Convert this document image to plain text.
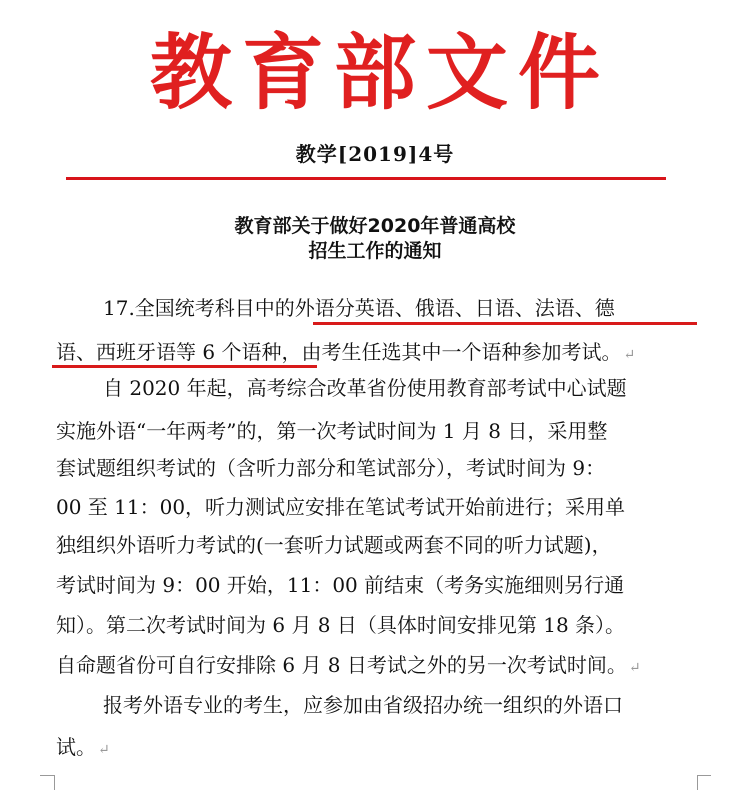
教育部文件
教学[2019]4号
教育部关于做好2020年普通高校
招生工作的通知
17.全国统考科目中的外语分英语、俄语、日语、法语、德
语、西班牙语等 6 个语种，由考生任选其中一个语种参加考试。 ↵
自 2020 年起，高考综合改革省份使用教育部考试中心试题
实施外语“一年两考”的，第一次考试时间为 1 月 8 日，采用整
套试题组织考试的（含听力部分和笔试部分），考试时间为 9：
00 至 11：00，听力测试应安排在笔试考试开始前进行；采用单
独组织外语听力考试的(一套听力试题或两套不同的听力试题)，
考试时间为 9：00 开始，11：00 前结束（考务实施细则另行通
知）。第二次考试时间为 6 月 8 日（具体时间安排见第 18 条）。
自命题省份可自行安排除 6 月 8 日考试之外的另一次考试时间。 ↵
报考外语专业的考生，应参加由省级招办统一组织的外语口
试。 ↵
